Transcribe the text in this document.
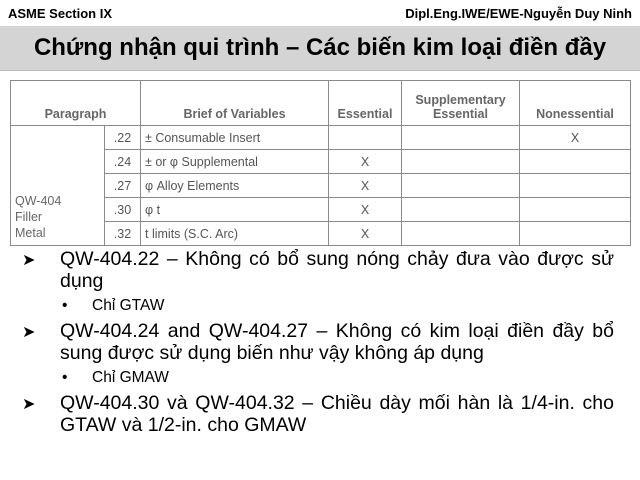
ASME Section IX	Dipl.Eng.IWE/EWE-Nguyễn Duy Ninh
Chứng nhận qui trình – Các biến kim loại điền đầy
Paragraph		Brief of Variables	Essential	Supplementary Essential	Nonessential

QW-404
Filler
Metal	.22	± Consumable Insert			X
	.24	± or φ Supplemental	X		
	.27	φ Alloy Elements	X		
	.30	φ t	X		
	.32	t limits (S.C. Arc)	X		
➤	QW-404.22 – Không có bổ sung nóng chảy đưa vào được sử dụng
•	Chỉ GTAW
➤	QW-404.24 and QW-404.27 – Không có kim loại điền đầy bổ sung được sử dụng biến như vậy không áp dụng
•	Chỉ GMAW
➤	QW-404.30 và QW-404.32 – Chiều dày mối hàn là 1/4-in. cho GTAW và 1/2-in. cho GMAW
